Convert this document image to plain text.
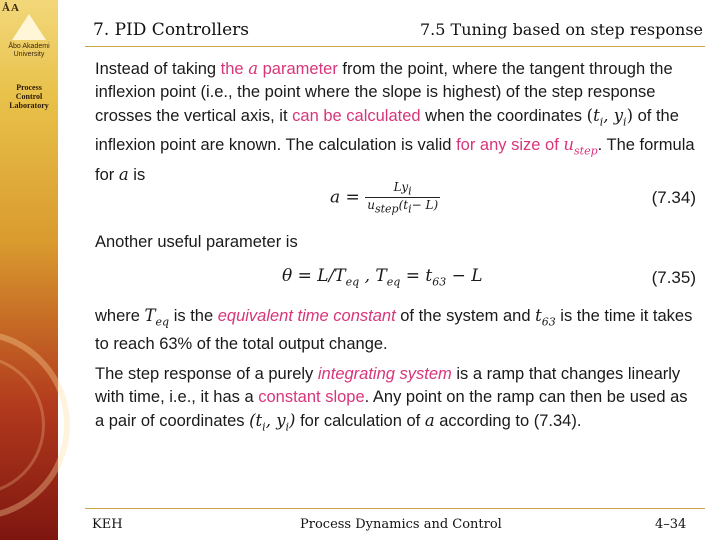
ÅA
Åbo Akademi
University
Process
Control
Laboratory
7. PID Controllers	7.5 Tuning based on step response
Instead of taking the a parameter from the point, where the tangent through the inflexion point (i.e., the point where the slope is highest) of the step response crosses the vertical axis, it can be calculated when the coordinates ($t_i$, $y_i$) of the inflexion point are known. The calculation is valid for any size of $u_{step}$. The formula for a is
$a = \frac{Ly_i}{u_{step}(t_i- L)}$	(7.34)
Another useful parameter is
$\theta = L/T_{eq}$ , $T_{eq} = t_{63} - L$	(7.35)
where $T_{eq}$ is the equivalent time constant of the system and $t_{63}$ is the time it takes to reach 63% of the total output change.
The step response of a purely integrating system is a ramp that changes linearly with time, i.e., it has a constant slope. Any point on the ramp can then be used as a pair of coordinates ($t_i$, $y_i$) for calculation of a according to (7.34).
KEH	Process Dynamics and Control	4–34
